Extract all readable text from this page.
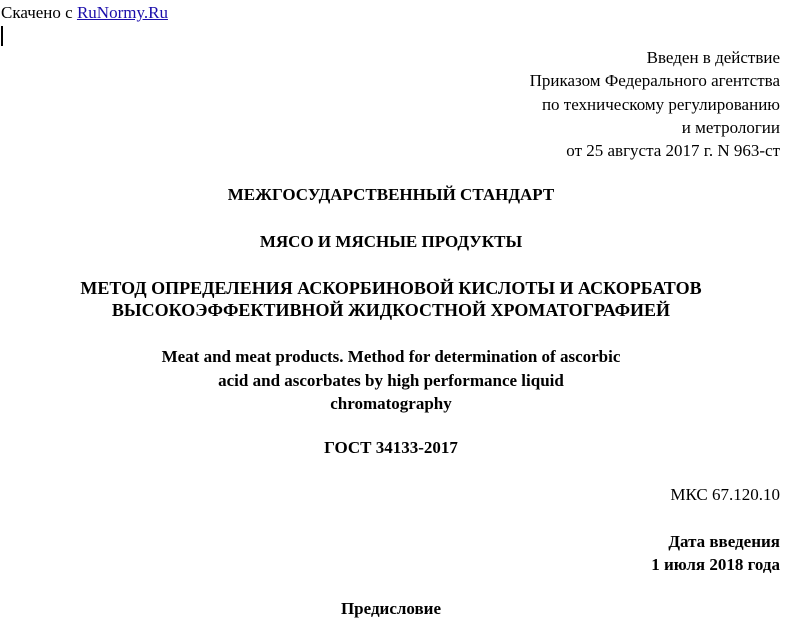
Скачено с RuNormy.Ru
Введен в действие
Приказом Федерального агентства
по техническому регулированию
и метрологии
от 25 августа 2017 г. N 963-ст
МЕЖГОСУДАРСТВЕННЫЙ СТАНДАРТ
МЯСО И МЯСНЫЕ ПРОДУКТЫ
МЕТОД ОПРЕДЕЛЕНИЯ АСКОРБИНОВОЙ КИСЛОТЫ И АСКОРБАТОВ
ВЫСОКОЭФФЕКТИВНОЙ ЖИДКОСТНОЙ ХРОМАТОГРАФИЕЙ
Meat and meat products. Method for determination of ascorbic
acid and ascorbates by high performance liquid
chromatography
ГОСТ 34133-2017
МКС 67.120.10
Дата введения
1 июля 2018 года
Предисловие
